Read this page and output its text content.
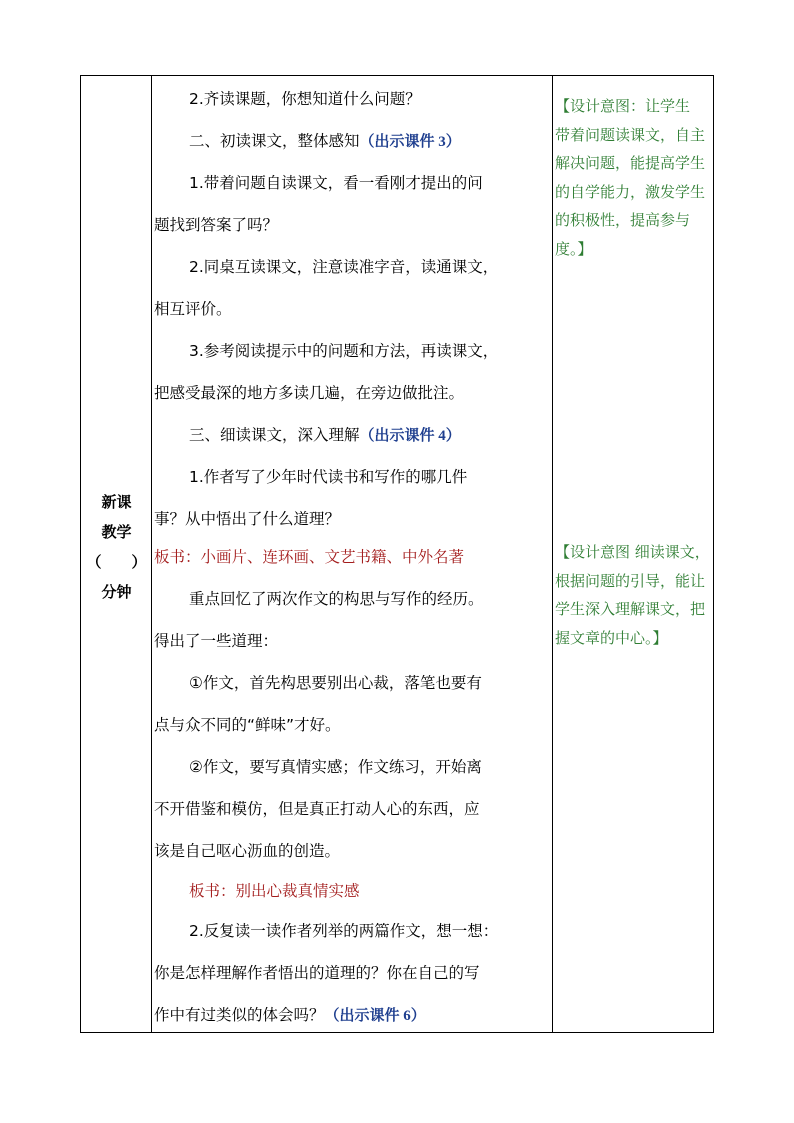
新课
教学
（　　）
分钟
2.齐读课题，你想知道什么问题？
二、初读课文，整体感知（出示课件 3）
1.带着问题自读课文，看一看刚才提出的问
题找到答案了吗？
2.同桌互读课文，注意读准字音，读通课文，
相互评价。
3.参考阅读提示中的问题和方法，再读课文，
把感受最深的地方多读几遍，在旁边做批注。
三、细读课文，深入理解（出示课件 4）
1.作者写了少年时代读书和写作的哪几件
事？从中悟出了什么道理？
板书：小画片、连环画、文艺书籍、中外名著
重点回忆了两次作文的构思与写作的经历。
得出了一些道理：
①作文，首先构思要别出心裁，落笔也要有
点与众不同的“鲜味”才好。
②作文，要写真情实感；作文练习，开始离
不开借鉴和模仿，但是真正打动人心的东西，应
该是自己呕心沥血的创造。
板书：别出心裁真情实感
2.反复读一读作者列举的两篇作文，想一想：
你是怎样理解作者悟出的道理的？你在自己的写
作中有过类似的体会吗？（出示课件 6）
【设计意图：让学生
带着问题读课文，自主
解决问题，能提高学生
的自学能力，激发学生
的积极性，提高参与
度。】
【设计意图 细读课文，
根据问题的引导，能让
学生深入理解课文，把
握文章的中心。】
